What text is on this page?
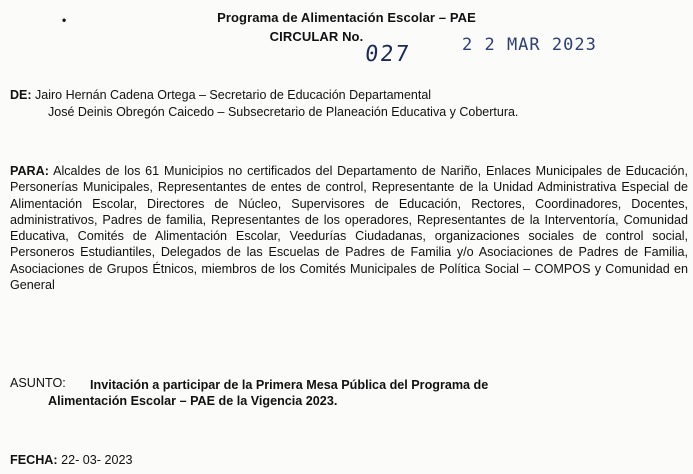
•	Programa de Alimentación Escolar – PAE
CIRCULAR No.
027	2 2 MAR 2023
DE: Jairo Hernán Cadena Ortega – Secretario de Educación Departamental
José Deinis Obregón Caicedo – Subsecretario de Planeación Educativa y Cobertura.
PARA: Alcaldes de los 61 Municipios no certificados del Departamento de Nariño, Enlaces Municipales de Educación, Personerías Municipales, Representantes de entes de control, Representante de la Unidad Administrativa Especial de Alimentación Escolar, Directores de Núcleo, Supervisores de Educación, Rectores, Coordinadores, Docentes, administrativos, Padres de familia, Representantes de los operadores, Representantes de la Interventoría, Comunidad Educativa, Comités de Alimentación Escolar, Veedurías Ciudadanas, organizaciones sociales de control social, Personeros Estudiantiles, Delegados de las Escuelas de Padres de Familia y/o Asociaciones de Padres de Familia, Asociaciones de Grupos Étnicos, miembros de los Comités Municipales de Política Social – COMPOS y Comunidad en General
ASUNTO: Invitación a participar de la Primera Mesa Pública del Programa de
Alimentación Escolar – PAE de la Vigencia 2023.
FECHA: 22- 03- 2023
